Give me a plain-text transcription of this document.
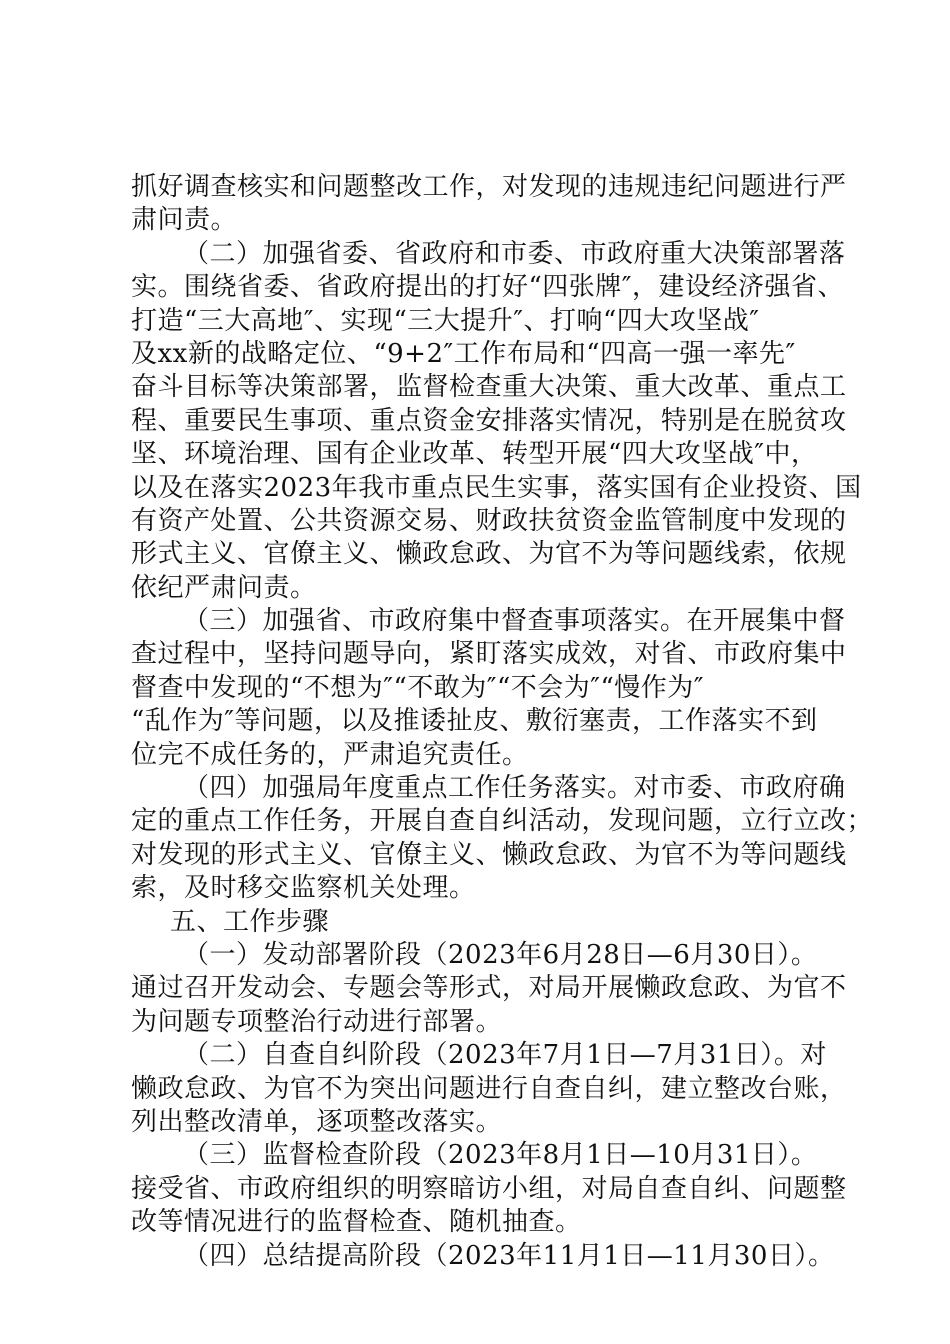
抓好调查核实和问题整改工作，对发现的违规违纪问题进行严
肃问责。
（二）加强省委、省政府和市委、市政府重大决策部署落
实。围绕省委、省政府提出的打好“四张牌″，建设经济强省、
打造“三大高地″、实现“三大提升″、打响“四大攻坚战″
及xx新的战略定位、“9+2″工作布局和“四高一强一率先″
奋斗目标等决策部署，监督检查重大决策、重大改革、重点工
程、重要民生事项、重点资金安排落实情况，特别是在脱贫攻
坚、环境治理、国有企业改革、转型开展“四大攻坚战″中，
以及在落实2023年我市重点民生实事，落实国有企业投资、国
有资产处置、公共资源交易、财政扶贫资金监管制度中发现的
形式主义、官僚主义、懒政怠政、为官不为等问题线索，依规
依纪严肃问责。
（三）加强省、市政府集中督查事项落实。在开展集中督
查过程中，坚持问题导向，紧盯落实成效，对省、市政府集中
督查中发现的“不想为″“不敢为″“不会为″“慢作为″
“乱作为″等问题，以及推诿扯皮、敷衍塞责，工作落实不到
位完不成任务的，严肃追究责任。
（四）加强局年度重点工作任务落实。对市委、市政府确
定的重点工作任务，开展自查自纠活动，发现问题，立行立改；
对发现的形式主义、官僚主义、懒政怠政、为官不为等问题线
索，及时移交监察机关处理。
五、工作步骤
（一）发动部署阶段（2023年6月28日—6月30日）。
通过召开发动会、专题会等形式，对局开展懒政怠政、为官不
为问题专项整治行动进行部署。
（二）自查自纠阶段（2023年7月1日—7月31日）。对
懒政怠政、为官不为突出问题进行自查自纠，建立整改台账，
列出整改清单，逐项整改落实。
（三）监督检查阶段（2023年8月1日—10月31日）。
接受省、市政府组织的明察暗访小组，对局自查自纠、问题整
改等情况进行的监督检查、随机抽查。
（四）总结提高阶段（2023年11月1日—11月30日）。
